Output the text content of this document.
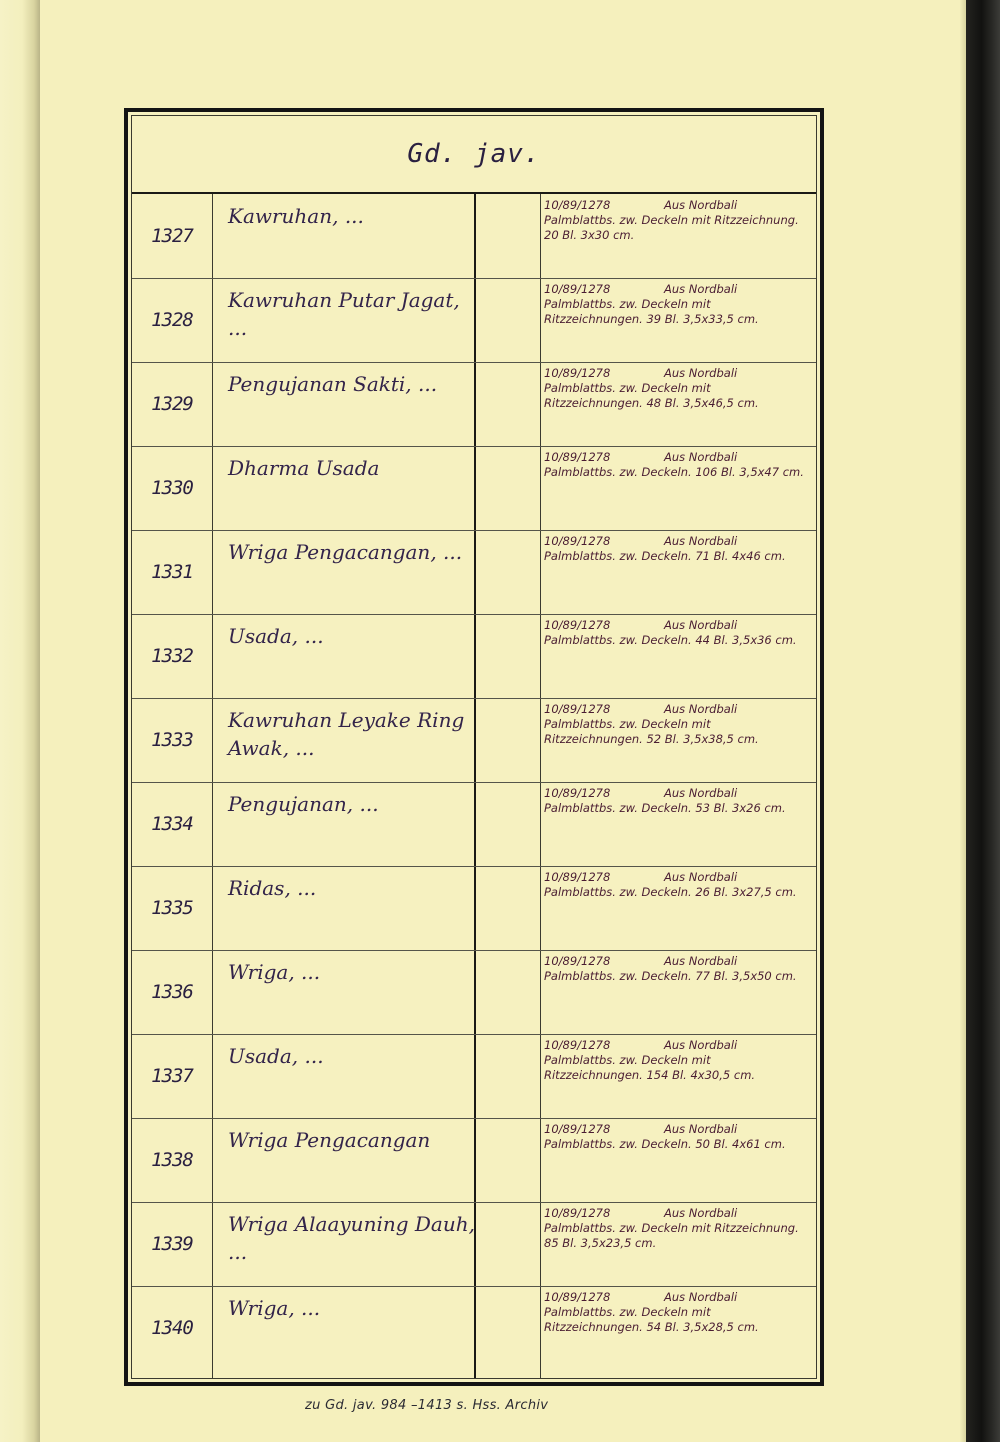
Gd. jav.
1327
Kawruhan, ...	10/89/1278	Aus Nordbali
Palmblattbs. zw. Deckeln mit Ritzzeichnung. 20 Bl. 3x30 cm.
1328
Kawruhan Putar Jagat, ...
10/89/1278	Aus Nordbali
Palmblattbs. zw. Deckeln mit Ritzzeichnungen. 39 Bl. 3,5x33,5 cm.
1329
Pengujanan Sakti, ...	10/89/1278	Aus Nordbali
Palmblattbs. zw. Deckeln mit Ritzzeichnungen. 48 Bl. 3,5x46,5 cm.
1330
Dharma Usada	10/89/1278	Aus Nordbali
Palmblattbs. zw. Deckeln. 106 Bl. 3,5x47 cm.
1331
Wriga Pengacangan, ...	10/89/1278	Aus Nordbali
Palmblattbs. zw. Deckeln. 71 Bl. 4x46 cm.
1332
Usada, ...	10/89/1278	Aus Nordbali
Palmblattbs. zw. Deckeln. 44 Bl. 3,5x36 cm.
1333
Kawruhan Leyake Ring Awak, ...
10/89/1278	Aus Nordbali
Palmblattbs. zw. Deckeln mit Ritzzeichnungen. 52 Bl. 3,5x38,5 cm.
1334
Pengujanan, ...	10/89/1278	Aus Nordbali
Palmblattbs. zw. Deckeln. 53 Bl. 3x26 cm.
1335
Ridas, ...	10/89/1278	Aus Nordbali
Palmblattbs. zw. Deckeln. 26 Bl. 3x27,5 cm.
1336
Wriga, ...	10/89/1278	Aus Nordbali
Palmblattbs. zw. Deckeln. 77 Bl. 3,5x50 cm.
1337
Usada, ...	10/89/1278	Aus Nordbali
Palmblattbs. zw. Deckeln mit Ritzzeichnungen. 154 Bl. 4x30,5 cm.
1338
Wriga Pengacangan	10/89/1278	Aus Nordbali
Palmblattbs. zw. Deckeln. 50 Bl. 4x61 cm.
1339
Wriga Alaayuning Dauh, ...
10/89/1278	Aus Nordbali
Palmblattbs. zw. Deckeln mit Ritzzeichnung. 85 Bl. 3,5x23,5 cm.
1340
Wriga, ...	10/89/1278	Aus Nordbali
Palmblattbs. zw. Deckeln mit Ritzzeichnungen. 54 Bl. 3,5x28,5 cm.
zu Gd. jav. 984 –1413 s. Hss. Archiv
